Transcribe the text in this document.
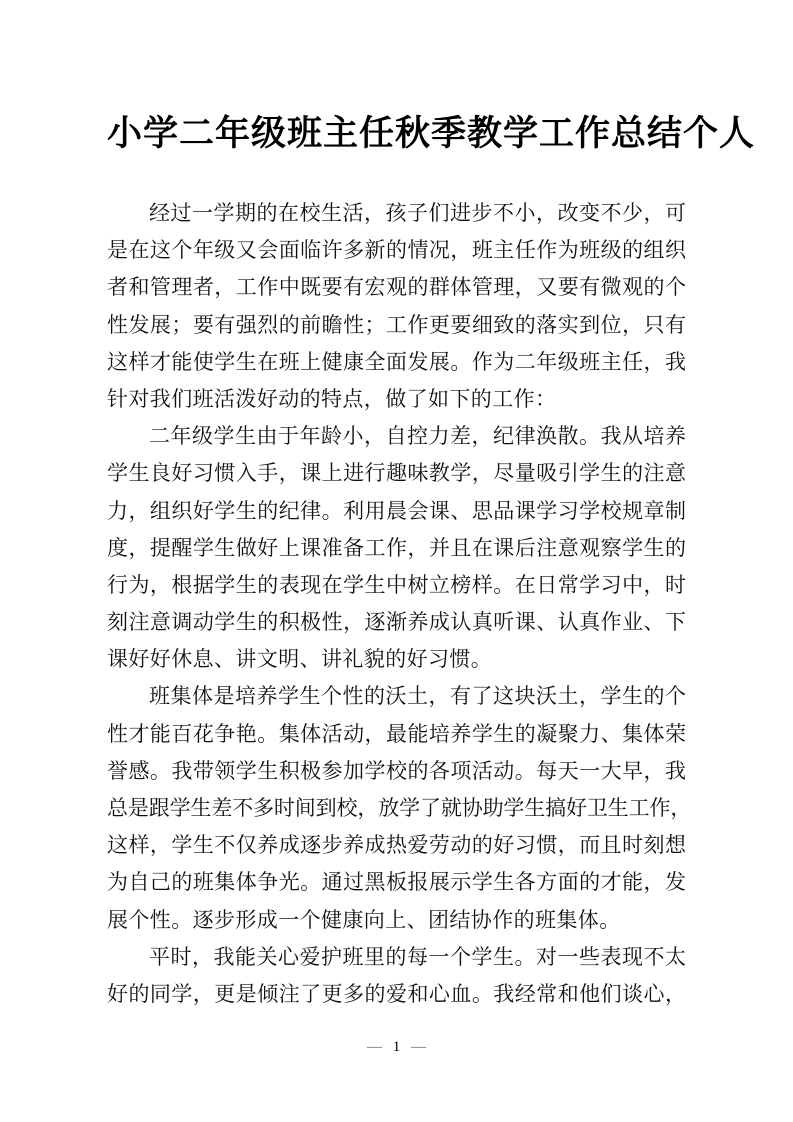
小学二年级班主任秋季教学工作总结个人
经过一学期的在校生活，孩子们进步不小，改变不少，可
是在这个年级又会面临许多新的情况，班主任作为班级的组织
者和管理者，工作中既要有宏观的群体管理，又要有微观的个
性发展；要有强烈的前瞻性；工作更要细致的落实到位，只有
这样才能使学生在班上健康全面发展。作为二年级班主任，我
针对我们班活泼好动的特点，做了如下的工作：
二年级学生由于年龄小，自控力差，纪律涣散。我从培养
学生良好习惯入手，课上进行趣味教学，尽量吸引学生的注意
力，组织好学生的纪律。利用晨会课、思品课学习学校规章制
度，提醒学生做好上课准备工作，并且在课后注意观察学生的
行为，根据学生的表现在学生中树立榜样。在日常学习中，时
刻注意调动学生的积极性，逐渐养成认真听课、认真作业、下
课好好休息、讲文明、讲礼貌的好习惯。
班集体是培养学生个性的沃土，有了这块沃土，学生的个
性才能百花争艳。集体活动，最能培养学生的凝聚力、集体荣
誉感。我带领学生积极参加学校的各项活动。每天一大早，我
总是跟学生差不多时间到校，放学了就协助学生搞好卫生工作，
这样，学生不仅养成逐步养成热爱劳动的好习惯，而且时刻想
为自己的班集体争光。通过黑板报展示学生各方面的才能，发
展个性。逐步形成一个健康向上、团结协作的班集体。
平时，我能关心爱护班里的每一个学生。对一些表现不太
好的同学，更是倾注了更多的爱和心血。我经常和他们谈心，
— 1 —
